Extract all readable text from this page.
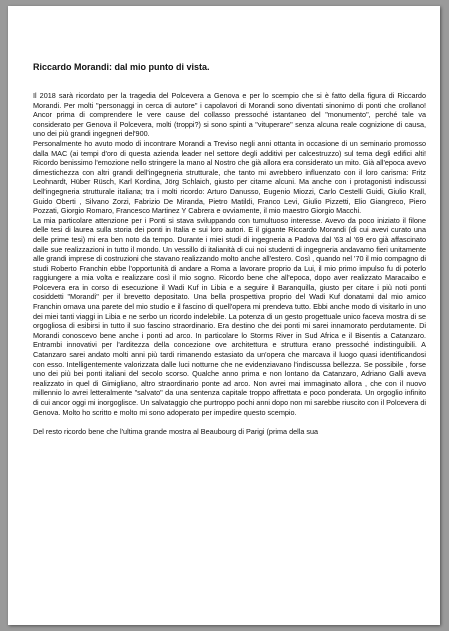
Riccardo Morandi: dal mio punto di vista.

Il 2018 sarà ricordato per la tragedia del Polcevera a Genova e per lo scempio che si è fatto della figura di Riccardo Morandi. Per molti "personaggi in cerca di autore" i capolavori di Morandi sono diventati sinonimo di ponti che crollano! Ancor prima di comprendere le vere cause del collasso pressoché istantaneo del "monumento", perché tale va considerato per Genova il Polcevera, molti (troppi?) si sono spinti a "vituperare" senza alcuna reale cognizione di causa, uno dei più grandi ingegneri del'900.

Personalmente ho avuto modo di incontrare Morandi a Treviso negli anni ottanta in occasione di un seminario promosso dalla MAC (ai tempi d'oro di questa azienda leader nel settore degli additivi per calcestruzzo) sul tema degli edifici alti! Ricordo benissimo l'emozione nello stringere la mano al Nostro che già allora era considerato un mito. Già all'epoca avevo dimestichezza con altri grandi dell'ingegneria strutturale, che tanto mi avrebbero influenzato con il loro carisma: Fritz Leohnardt, Hüber Rüsch, Karl Kordina, Jörg Schlaich, giusto per citarne alcuni. Ma anche con i protagonisti indiscussi dell'ingegneria strutturale italiana; tra i molti ricordo: Arturo Danusso, Eugenio Miozzi, Carlo Cestelli Guidi, Giulio Krall, Guido Oberti , Silvano Zorzi, Fabrizio De Miranda, Pietro Matildi, Franco Levi, Giulio Pizzetti, Elio Giangreco, Piero Pozzati, Giorgio Romaro, Francesco Martinez Y Cabrera e ovviamente, il mio maestro Giorgio Macchi.

La mia particolare attenzione per i Ponti si stava sviluppando con tumultuoso interesse. Avevo da poco iniziato il filone delle tesi di laurea sulla storia dei ponti in Italia e sui loro autori. E il gigante Riccardo Morandi (di cui avevi curato una delle prime tesi) mi era ben noto da tempo. Durante i miei studi di ingegneria a Padova dal '63 al '69 ero già affascinato dalle sue realizzazioni in tutto il mondo. Un vessillo di italianità di cui noi studenti di ingegneria andavamo fieri unitamente alle grandi imprese di costruzioni che stavano realizzando molto anche all'estero. Così , quando nel '70 il mio compagno di studi Roberto Franchin ebbe l'opportunità di andare a Roma a lavorare proprio da Lui, il mio primo impulso fu di poterlo raggiungere a mia volta e realizzare così il mio sogno. Ricordo bene che all'epoca, dopo aver realizzato Maracaibo e Polcevera era in corso di esecuzione il Wadi Kuf in Libia e a seguire il Baranquilla, giusto per citare i più noti ponti cosiddetti "Morandi" per il brevetto depositato. Una bella prospettiva proprio del Wadi Kuf donatami dal mio amico Franchin ornava una parete del mio studio e il fascino di quell'opera mi prendeva tutto. Ebbi anche modo di visitarlo in uno dei miei tanti viaggi in Libia e ne serbo un ricordo indelebile. La potenza di un gesto progettuale unico faceva mostra di se orgogliosa di esibirsi in tutto il suo fascino straordinario. Era destino che dei ponti mi sarei innamorato perdutamente. Di Morandi conoscevo bene anche i ponti ad arco. In particolare lo Storms River in Sud Africa e il Bisentis a Catanzaro. Entrambi innovativi per l'arditezza della concezione ove architettura e struttura erano pressoché indistinguibili. A Catanzaro sarei andato molti anni più tardi rimanendo estasiato da un'opera che marcava il luogo quasi identificandosi con esso. Intelligentemente valorizzata dalle luci notturne che ne evidenziavano l'indiscussa bellezza. Se possibile , forse uno dei più bei ponti italiani del secolo scorso. Qualche anno prima e non lontano da Catanzaro, Adriano Galli aveva realizzato in quel di Gimigliano, altro straordinario ponte ad arco. Non avrei mai immaginato allora , che con il nuovo millennio lo avrei letteralmente "salvato" da una sentenza capitale troppo affrettata e poco ponderata. Un orgoglio infinito di cui ancor oggi mi inorgoglisce. Un salvataggio che purtroppo pochi anni dopo non mi sarebbe riuscito con il Polcevera di Genova. Molto ho scritto e molto mi sono adoperato per impedire questo scempio.

Del resto ricordo bene che l'ultima grande mostra al Beaubourg di Parigi (prima della sua
